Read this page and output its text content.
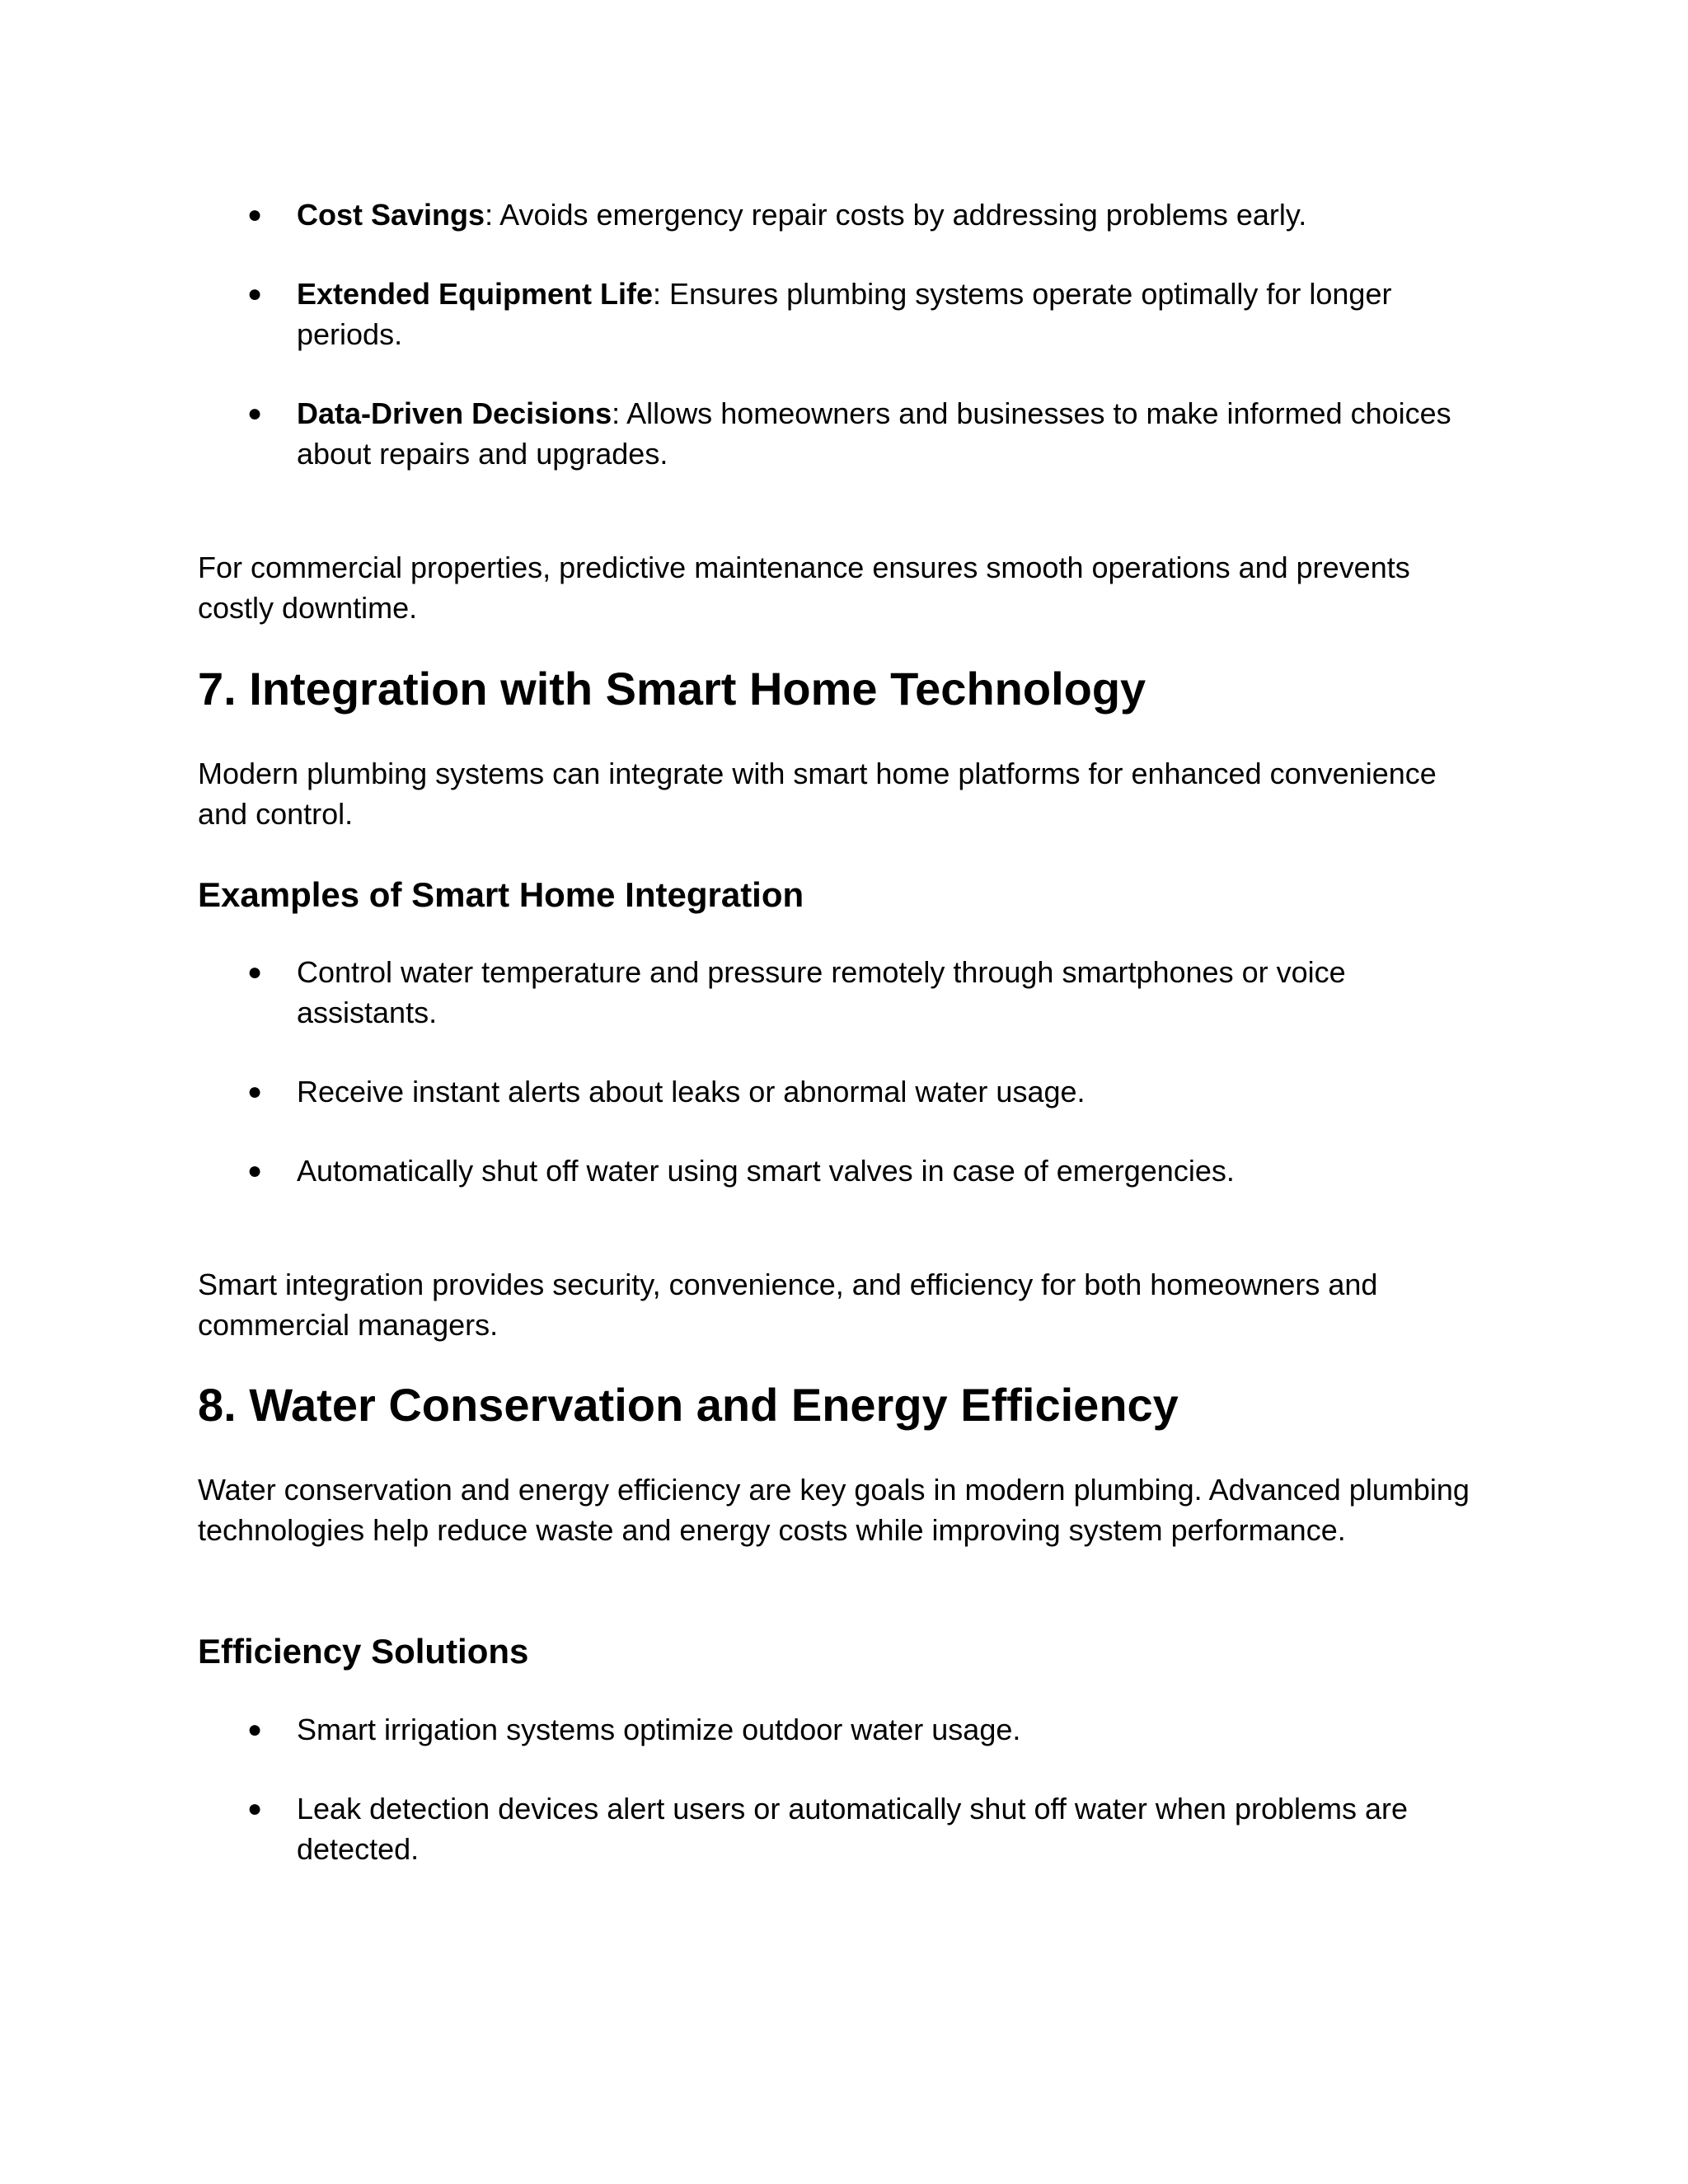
● Cost Savings: Avoids emergency repair costs by addressing problems early.
● Extended Equipment Life: Ensures plumbing systems operate optimally for longer periods.
● Data-Driven Decisions: Allows homeowners and businesses to make informed choices about repairs and upgrades.

For commercial properties, predictive maintenance ensures smooth operations and prevents costly downtime.

7. Integration with Smart Home Technology

Modern plumbing systems can integrate with smart home platforms for enhanced convenience and control.

Examples of Smart Home Integration
● Control water temperature and pressure remotely through smartphones or voice assistants.
● Receive instant alerts about leaks or abnormal water usage.
● Automatically shut off water using smart valves in case of emergencies.

Smart integration provides security, convenience, and efficiency for both homeowners and commercial managers.

8. Water Conservation and Energy Efficiency

Water conservation and energy efficiency are key goals in modern plumbing. Advanced plumbing technologies help reduce waste and energy costs while improving system performance.

Efficiency Solutions
● Smart irrigation systems optimize outdoor water usage.
● Leak detection devices alert users or automatically shut off water when problems are detected.
